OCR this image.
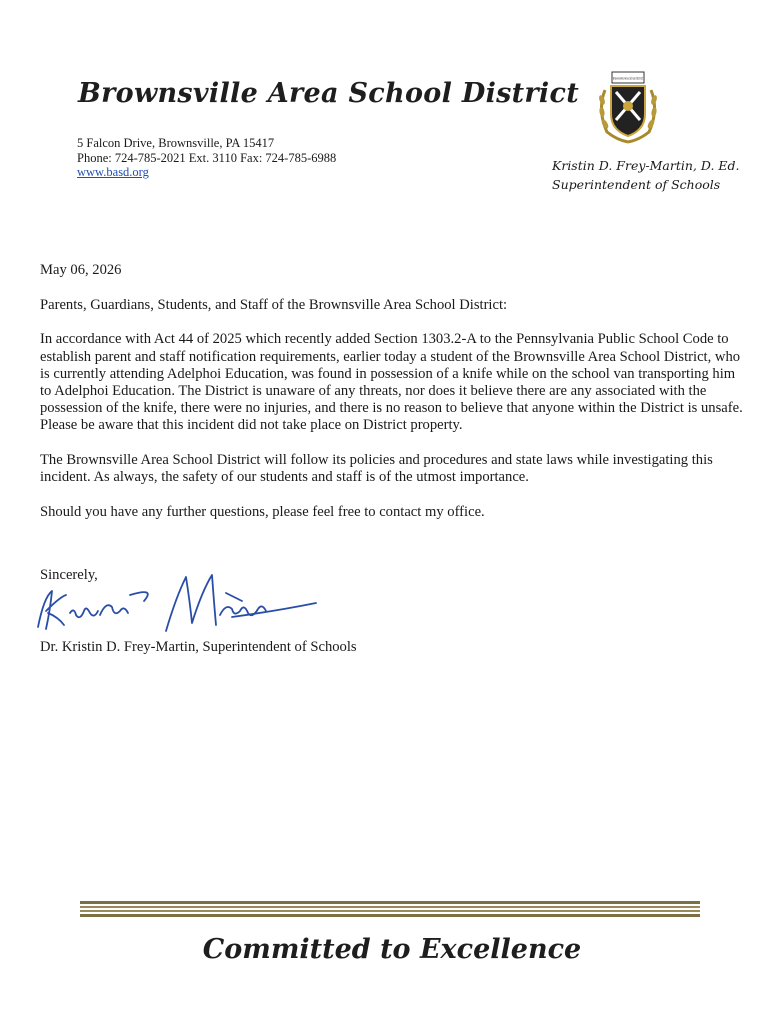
Brownsville Area School District
5 Falcon Drive, Brownsville, PA 15417
Phone: 724-785-2021 Ext. 3110 Fax: 724-785-6988
www.basd.org
Brownsville Area School District
Kristin D. Frey-Martin, D. Ed.
Superintendent of Schools

May 06, 2026

Parents, Guardians, Students, and Staff of the Brownsville Area School District:

In accordance with Act 44 of 2025 which recently added Section 1303.2-A to the Pennsylvania Public School Code to establish parent and staff notification requirements, earlier today a student of the Brownsville Area School District, who is currently attending Adelphoi Education, was found in possession of a knife while on the school van transporting him to Adelphoi Education. The District is unaware of any threats, nor does it believe there are any associated with the possession of the knife, there were no injuries, and there is no reason to believe that anyone within the District is unsafe. Please be aware that this incident did not take place on District property.

The Brownsville Area School District will follow its policies and procedures and state laws while investigating this incident. As always, the safety of our students and staff is of the utmost importance.

Should you have any further questions, please feel free to contact my office.

Sincerely,
Dr. Kristin D. Frey-Martin, Superintendent of Schools
Committed to Excellence
